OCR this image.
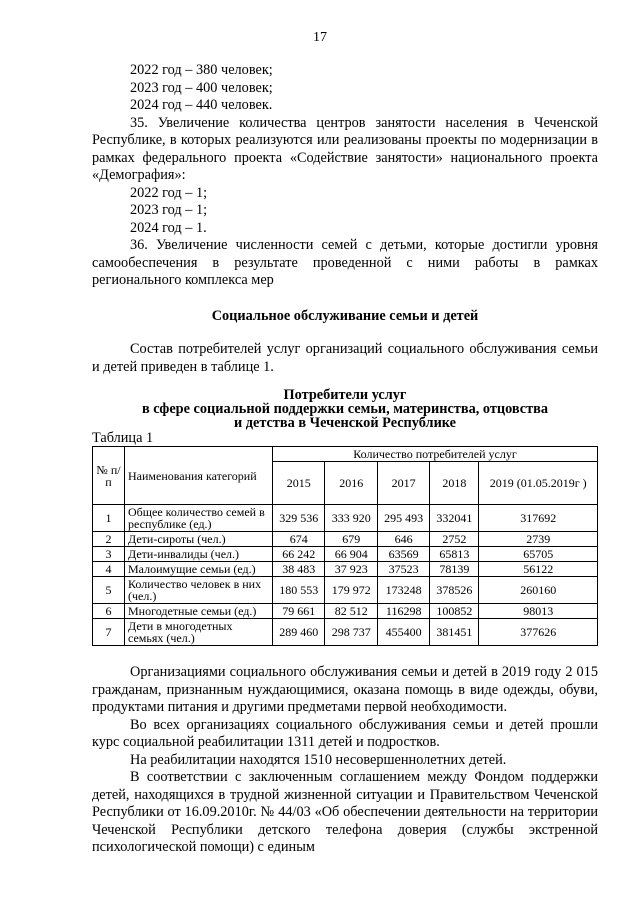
17

2022 год – 380 человек;

2023 год – 400 человек;

2024 год – 440 человек.

35. Увеличение количества центров занятости населения в Чеченской Республике, в которых реализуются или реализованы проекты по модернизации в рамках федерального проекта «Содействие занятости» национального проекта «Демография»:

2022 год – 1;

2023 год – 1;

2024 год – 1.

36. Увеличение численности семей с детьми, которые достигли уровня самообеспечения в результате проведенной с ними работы в рамках регионального комплекса мер

Социальное обслуживание семьи и детей

Состав потребителей услуг организаций социального обслуживания семьи и детей приведен в таблице 1.

Потребители услуг
в сфере социальной поддержки семьи, материнства, отцовства
и детства в Чеченской Республике
Таблица 1
№ п/п	Наименования категорий	Количество потребителей услуг				
		2015	2016	2017	2018	2019 (01.05.2019г )
1	Общее количество семей в республике (ед.)	329 536	333 920	295 493	332041	317692
2	Дети-сироты (чел.)	674	679	646	2752	2739
3	Дети-инвалиды (чел.)	66 242	66 904	63569	65813	65705
4	Малоимущие семьи (ед.)	38 483	37 923	37523	78139	56122
5	Количество человек в них (чел.)	180 553	179 972	173248	378526	260160
6	Многодетные семьи (ед.)	79 661	82 512	116298	100852	98013
7	Дети в многодетных семьях (чел.)	289 460	298 737	455400	381451	377626

Организациями социального обслуживания семьи и детей в 2019 году 2 015 гражданам, признанным нуждающимися, оказана помощь в виде одежды, обуви, продуктами питания и другими предметами первой необходимости.

Во всех организациях социального обслуживания семьи и детей прошли курс социальной реабилитации 1311 детей и подростков.

На реабилитации находятся 1510 несовершеннолетних детей.

В соответствии с заключенным соглашением между Фондом поддержки детей, находящихся в трудной жизненной ситуации и Правительством Чеченской Республики от 16.09.2010г. № 44/03 «Об обеспечении деятельности на территории Чеченской Республики детского телефона доверия (службы экстренной психологической помощи) с единым
